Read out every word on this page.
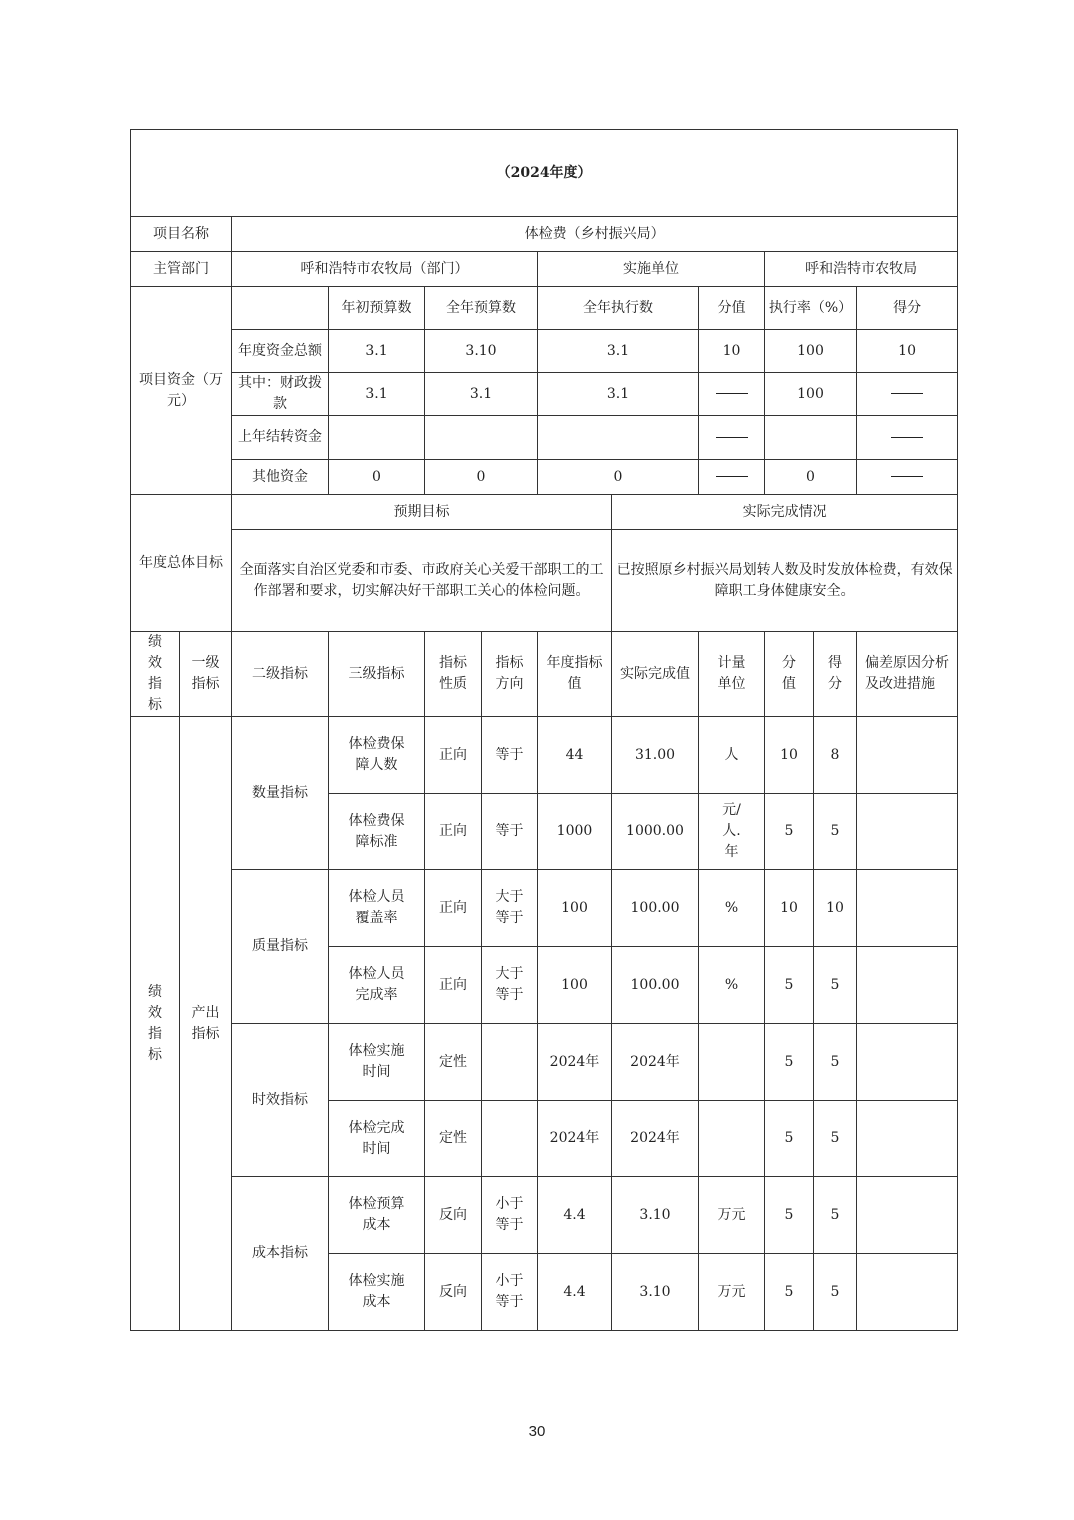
（2024年度）											
项目名称		体检费（乡村振兴局）									
主管部门		呼和浩特市农牧局（部门）				实施单位			呼和浩特市农牧局		
项目资金（万元）			年初预算数	全年预算数		全年执行数		分值	执行率（%）		得分
		年度资金总额	3.1	3.10		3.1		10	100		10
		其中：财政拨款	3.1	3.1		3.1			100		
		上年结转资金									
		其他资金	0	0		0			0		
年度总体目标		预期目标					实际完成情况				
		全面落实自治区党委和市委、市政府关心关爱干部职工的工作部署和要求，切实解决好干部职工关心的体检问题。					已按照原乡村振兴局划转人数及时发放体检费，有效保障职工身体健康安全。				
绩效指标	一级指标	二级指标	三级指标	指标性质	指标方向	年度指标值	实际完成值	计量单位	分值	得分	偏差原因分析及改进措施
绩效指标	产出指标	数量指标	体检费保障人数	正向	等于	44	31.00	人	10	8	
			体检费保障标准	正向	等于	1000	1000.00	元/人.年	5	5	
		质量指标	体检人员覆盖率	正向	大于等于	100	100.00	%	10	10	
			体检人员完成率	正向	大于等于	100	100.00	%	5	5	
		时效指标	体检实施时间	定性		2024年	2024年		5	5	
			体检完成时间	定性		2024年	2024年		5	5	
		成本指标	体检预算成本	反向	小于等于	4.4	3.10	万元	5	5	
			体检实施成本	反向	小于等于	4.4	3.10	万元	5	5	
30
